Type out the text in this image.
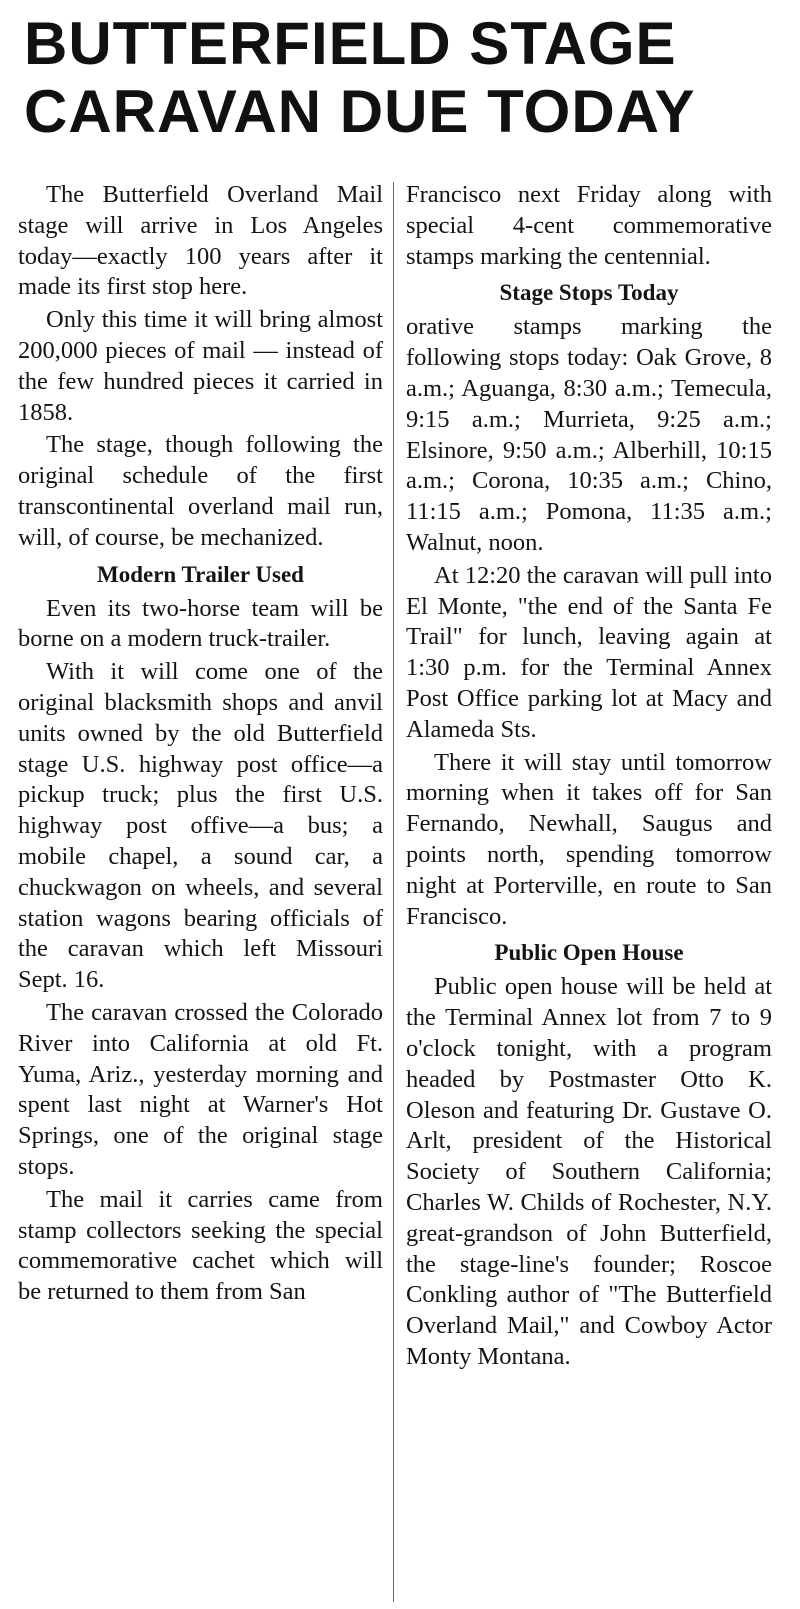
BUTTERFIELD STAGE
CARAVAN DUE TODAY

The Butterfield Overland Mail stage will arrive in Los Angeles today—exactly 100 years after it made its first stop here.

Only this time it will bring almost 200,000 pieces of mail — instead of the few hundred pieces it carried in 1858.

The stage, though following the original schedule of the first transcontinental overland mail run, will, of course, be mechanized.

Modern Trailer Used

Even its two-horse team will be borne on a modern truck-trailer.

With it will come one of the original blacksmith shops and anvil units owned by the old Butterfield stage U.S. highway post office—a pickup truck; plus the first U.S. highway post offive—a bus; a mobile chapel, a sound car, a chuckwagon on wheels, and several station wagons bearing officials of the caravan which left Missouri Sept. 16.

The caravan crossed the Colorado River into California at old Ft. Yuma, Ariz., yesterday morning and spent last night at Warner's Hot Springs, one of the original stage stops.

The mail it carries came from stamp collectors seeking the special commemorative cachet which will be returned to them from San

Francisco next Friday along with special 4-cent commemorative stamps marking the centennial.

Stage Stops Today

orative stamps marking the following stops today: Oak Grove, 8 a.m.; Aguanga, 8:30 a.m.; Temecula, 9:15 a.m.; Murrieta, 9:25 a.m.; Elsinore, 9:50 a.m.; Alberhill, 10:15 a.m.; Corona, 10:35 a.m.; Chino, 11:15 a.m.; Pomona, 11:35 a.m.; Walnut, noon.

At 12:20 the caravan will pull into El Monte, "the end of the Santa Fe Trail" for lunch, leaving again at 1:30 p.m. for the Terminal Annex Post Office parking lot at Macy and Alameda Sts.

There it will stay until tomorrow morning when it takes off for San Fernando, Newhall, Saugus and points north, spending tomorrow night at Porterville, en route to San Francisco.

Public Open House

Public open house will be held at the Terminal Annex lot from 7 to 9 o'clock tonight, with a program headed by Postmaster Otto K. Oleson and featuring Dr. Gustave O. Arlt, president of the Historical Society of Southern California; Charles W. Childs of Rochester, N.Y. great-grandson of John Butterfield, the stage-line's founder; Roscoe Conkling author of "The Butterfield Overland Mail," and Cowboy Actor Monty Montana.
